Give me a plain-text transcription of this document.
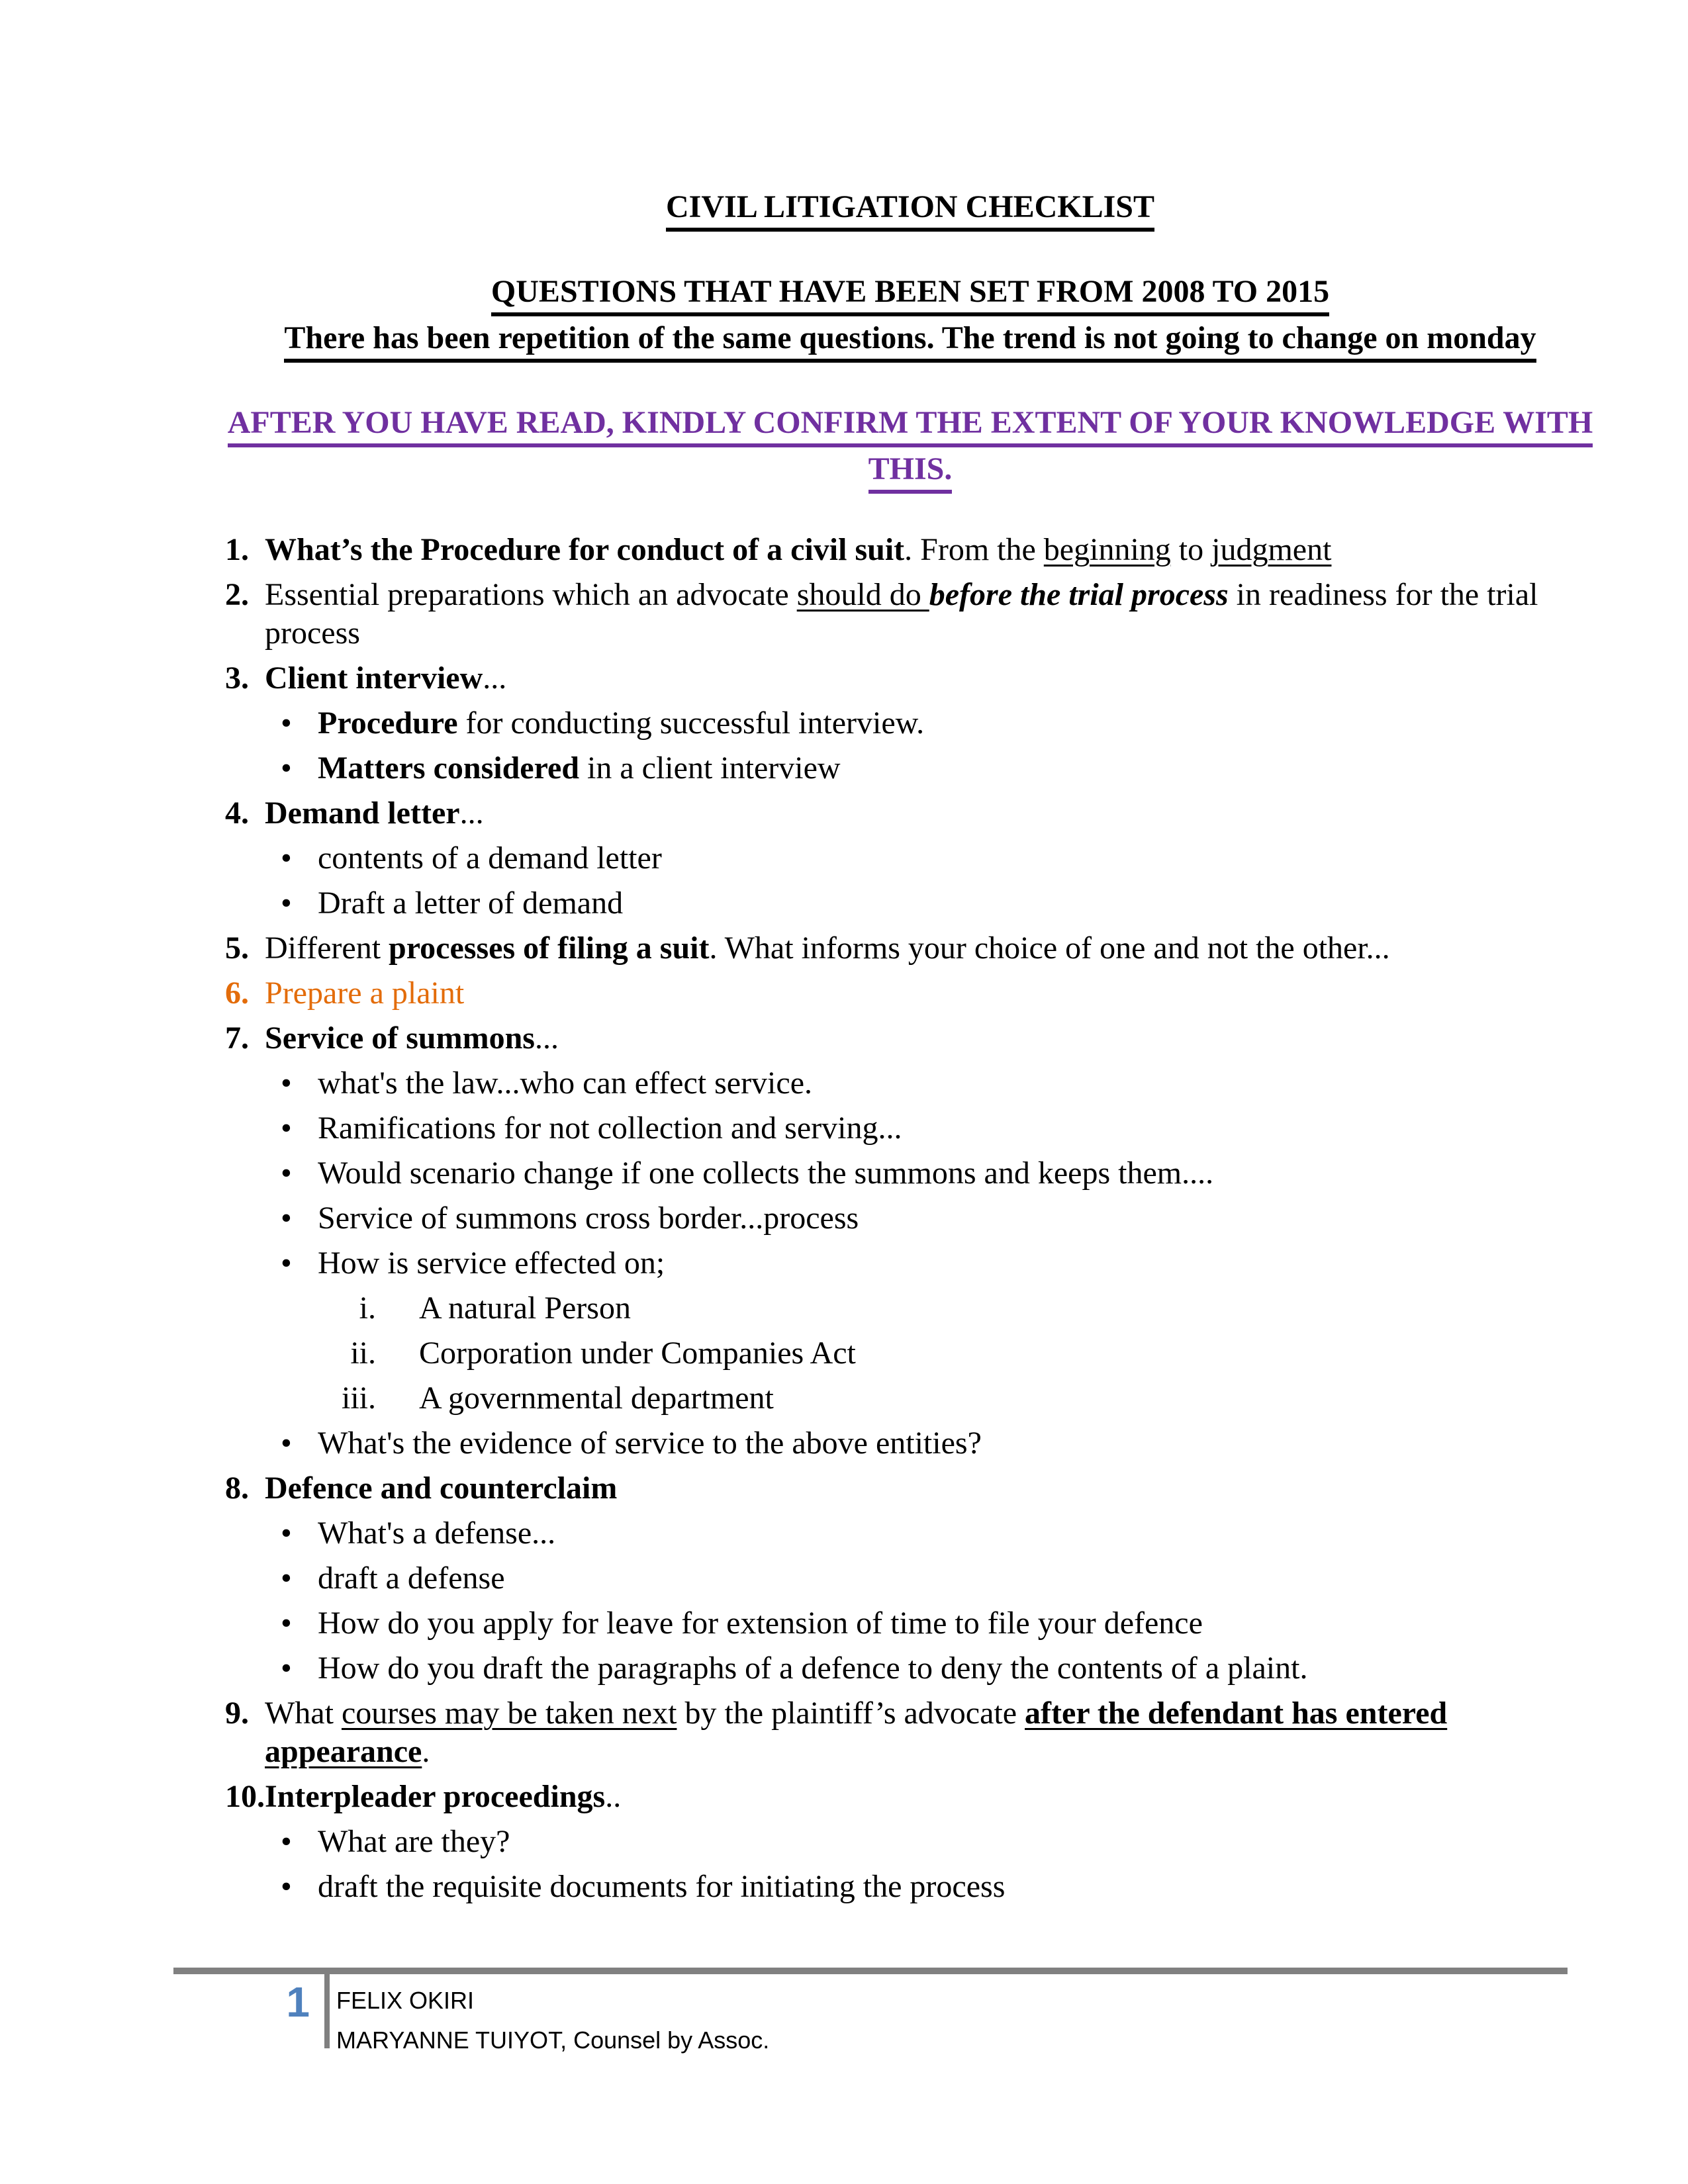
CIVIL LITIGATION CHECKLIST
QUESTIONS THAT HAVE BEEN SET FROM 2008 TO 2015
There has been repetition of the same questions. The trend is not going to change on monday
AFTER YOU HAVE READ, KINDLY CONFIRM THE EXTENT OF YOUR KNOWLEDGE WITH THIS.
1. What’s the Procedure for conduct of a civil suit. From the beginning to judgment
2. Essential preparations which an advocate should do before the trial process in readiness for the trial process
3. Client interview...
• Procedure for conducting successful interview.
• Matters considered in a client interview
4. Demand letter...
• contents of a demand letter
• Draft a letter of demand
5. Different processes of filing a suit. What informs your choice of one and not the other...
6. Prepare a plaint
7. Service of summons...
• what's the law...who can effect service.
• Ramifications for not collection and serving...
• Would scenario change if one collects the summons and keeps them....
• Service of summons cross border...process
• How is service effected on;
i. A natural Person
ii. Corporation under Companies Act
iii. A governmental department
• What's the evidence of service to the above entities?
8. Defence and counterclaim
• What's a defense...
• draft a defense
• How do you apply for leave for extension of time to file your defence
• How do you draft the paragraphs of a defence to deny the contents of a plaint.
9. What courses may be taken next by the plaintiff’s advocate after the defendant has entered appearance.
10. Interpleader proceedings..
• What are they?
• draft the requisite documents for initiating the process
1	FELIX OKIRI
MARYANNE TUIYOT, Counsel by Assoc.
